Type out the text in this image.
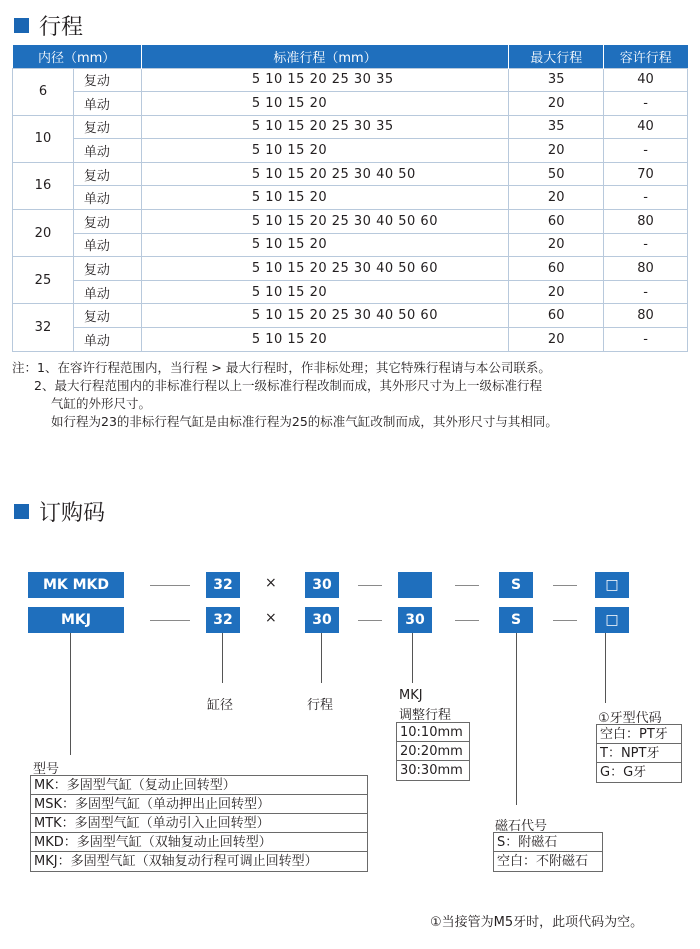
行程
内径（mm）		标准行程（mm）	最大行程	容许行程
6	复动	5 10 15 20 25 30 35	35	40
	单动	5 10 15 20	20	-
10	复动	5 10 15 20 25 30 35	35	40
	单动	5 10 15 20	20	-
16	复动	5 10 15 20 25 30 40 50	50	70
	单动	5 10 15 20	20	-
20	复动	5 10 15 20 25 30 40 50 60	60	80
	单动	5 10 15 20	20	-
25	复动	5 10 15 20 25 30 40 50 60	60	80
	单动	5 10 15 20	20	-
32	复动	5 10 15 20 25 30 40 50 60	60	80
	单动	5 10 15 20	20	-
注：1、在容许行程范围内，当行程 > 最大行程时，作非标处理；其它特殊行程请与本公司联系。
2、最大行程范围内的非标准行程以上一级标准行程改制而成，其外形尺寸为上一级标准行程
气缸的外形尺寸。
如行程为23的非标行程气缸是由标准行程为25的标准气缸改制而成，其外形尺寸与其相同。
订购码
MK MKD	32	×	30	S	□
MKJ	32	×	30	30	S	□
缸径	行程
MKJ
调整行程
10:10mm
20:20mm
30:30mm
①牙型代码
空白：PT牙
T：NPT牙
G：G牙
型号
MK：多固型气缸（复动止回转型）
MSK：多固型气缸（单动押出止回转型）
MTK：多固型气缸（单动引入止回转型）
MKD：多固型气缸（双轴复动止回转型）
MKJ：多固型气缸（双轴复动行程可调止回转型）
磁石代号
S：附磁石
空白：不附磁石
①当接管为M5牙时，此项代码为空。
